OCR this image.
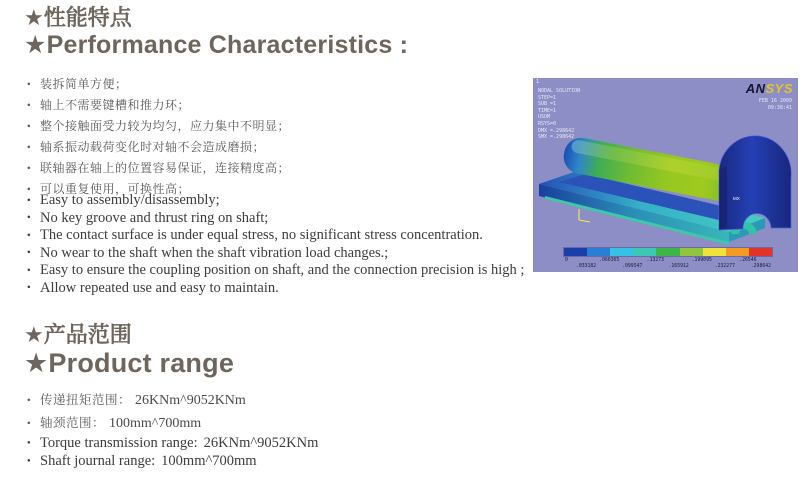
★性能特点
★Performance Characteristics :
● 装拆简单方便；
● 轴上不需要键槽和推力环；
● 整个接触面受力较为均匀，应力集中不明显；
● 轴系振动载荷变化时对轴不会造成磨损；
● 联轴器在轴上的位置容易保证，连接精度高；
● 可以重复使用，可换性高；
● Easy to assembly/disassembly;
● No key groove and thrust ring on shaft;
● The contact surface is under equal stress, no significant stress concentration.
● No wear to the shaft when the shaft vibration load changes.;
● Easy to ensure the coupling position on shaft, and the connection precision is high ;
● Allow repeated use and easy to maintain.
1
NODAL SOLUTION
STEP=1
SUB =1
TIME=1
USUM
RSYS=0
DMX =.298642
SMX =.298642
ANSYS
FEB 16 2009
09:38:41
MX
0	.066365	.13273	.199095	.26546
.033182	.099547	.165912	.232277	.298642
★产品范围
★Product range
● 传递扭矩范围： 26KNm^9052KNm
● 轴颈范围： 100mm^700mm
● Torque transmission range: 26KNm^9052KNm
● Shaft journal range: 100mm^700mm
